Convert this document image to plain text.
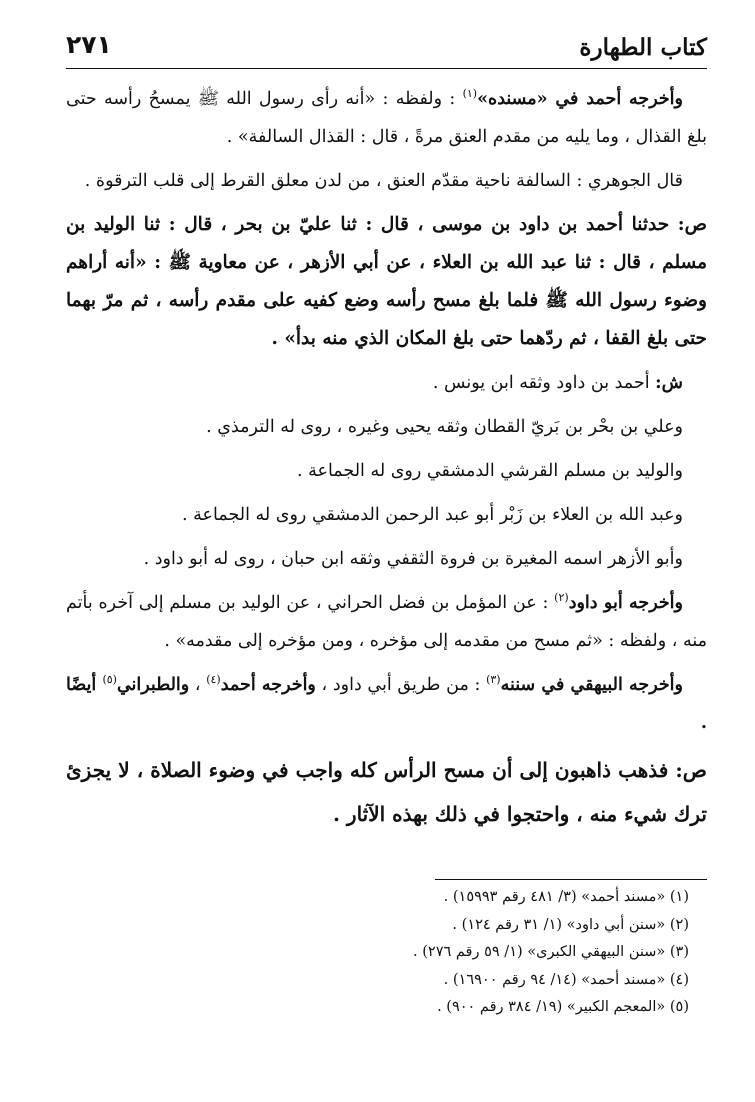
كتاب الطهارة
٢٧١

وأخرجه أحمد في «مسنده»$^{(١)}$ : ولفظه : «أنه رأى رسول الله ﷺ يمسحُ رأسه حتى بلغ القذال ، وما يليه من مقدم العنق مرةً ، قال : القذال السالفة» .

قال الجوهري : السالفة ناحية مقدّم العنق ، من لدن معلق القرط إلى قلب الترقوة .

ص: حدثنا أحمد بن داود بن موسى ، قال : ثنا عليّ بن بحر ، قال : ثنا الوليد بن مسلم ، قال : ثنا عبد الله بن العلاء ، عن أبي الأزهر ، عن معاوية ﷺ : «أنه أراهم وضوء رسول الله ﷺ فلما بلغ مسح رأسه وضع كفيه على مقدم رأسه ، ثم مرّ بهما حتى بلغ القفا ، ثم ردّهما حتى بلغ المكان الذي منه بدأ» .

ش: أحمد بن داود وثقه ابن يونس .

وعلي بن بحْر بن بَريّ القطان وثقه يحيى وغيره ، روى له الترمذي .

والوليد بن مسلم القرشي الدمشقي روى له الجماعة .

وعبد الله بن العلاء بن زَبْر أبو عبد الرحمن الدمشقي روى له الجماعة .

وأبو الأزهر اسمه المغيرة بن فروة الثقفي وثقه ابن حبان ، روى له أبو داود .

وأخرجه أبو داود$^{(٢)}$ : عن المؤمل بن فضل الحراني ، عن الوليد بن مسلم إلى آخره بأتم منه ، ولفظه : «ثم مسح من مقدمه إلى مؤخره ، ومن مؤخره إلى مقدمه» .

وأخرجه البيهقي في سننه$^{(٣)}$ : من طريق أبي داود ، وأخرجه أحمد$^{(٤)}$ ، والطبراني$^{(٥)}$ أيضًا .

ص: فذهب ذاهبون إلى أن مسح الرأس كله واجب في وضوء الصلاة ، لا يجزئ ترك شيء منه ، واحتجوا في ذلك بهذه الآثار .

(١) «مسند أحمد» (٣/ ٤٨١ رقم ١٥٩٩٣) .

(٢) «سنن أبي داود» (١/ ٣١ رقم ١٢٤) .

(٣) «سنن البيهقي الكبرى» (١/ ٥٩ رقم ٢٧٦) .

(٤) «مسند أحمد» (١٤/ ٩٤ رقم ١٦٩٠٠) .

(٥) «المعجم الكبير» (١٩/ ٣٨٤ رقم ٩٠٠) .
